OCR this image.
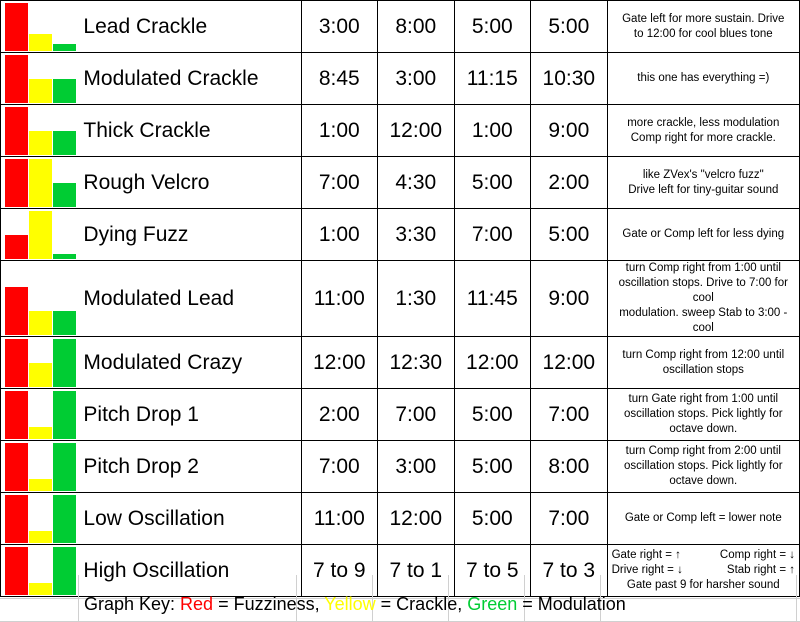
	Lead Crackle	3:00	8:00	5:00	5:00	Gate left for more sustain. Drive
to 12:00 for cool blues tone

	Modulated Crackle	8:45	3:00	11:15	10:30	this one has everything =)

	Thick Crackle	1:00	12:00	1:00	9:00	more crackle, less modulation
Comp right for more crackle.

	Rough Velcro	7:00	4:30	5:00	2:00	like ZVex's "velcro fuzz"
Drive left for tiny-guitar sound

	Dying Fuzz	1:00	3:30	7:00	5:00	Gate or Comp left for less dying

	Modulated Lead	11:00	1:30	11:45	9:00	turn Comp right from 1:00 until
oscillation stops. Drive to 7:00 for cool
modulation. sweep Stab to 3:00 - cool

	Modulated Crazy	12:00	12:30	12:00	12:00	turn Comp right from 12:00 until
oscillation stops

	Pitch Drop 1	2:00	7:00	5:00	7:00	turn Gate right from 1:00 until
oscillation stops. Pick lightly for
octave down.

	Pitch Drop 2	7:00	3:00	5:00	8:00	turn Comp right from 2:00 until
oscillation stops. Pick lightly for
octave down.

	Low Oscillation	11:00	12:00	5:00	7:00	Gate or Comp left = lower note

	High Oscillation	7 to 9	7 to 1	7 to 5	7 to 3	Gate right = ↑ Comp right = ↓
Drive right = ↓ Stab right = ↑
Gate past 9 for harsher sound
Graph Key: Red = Fuzziness, Yellow = Crackle, Green = Modulation
